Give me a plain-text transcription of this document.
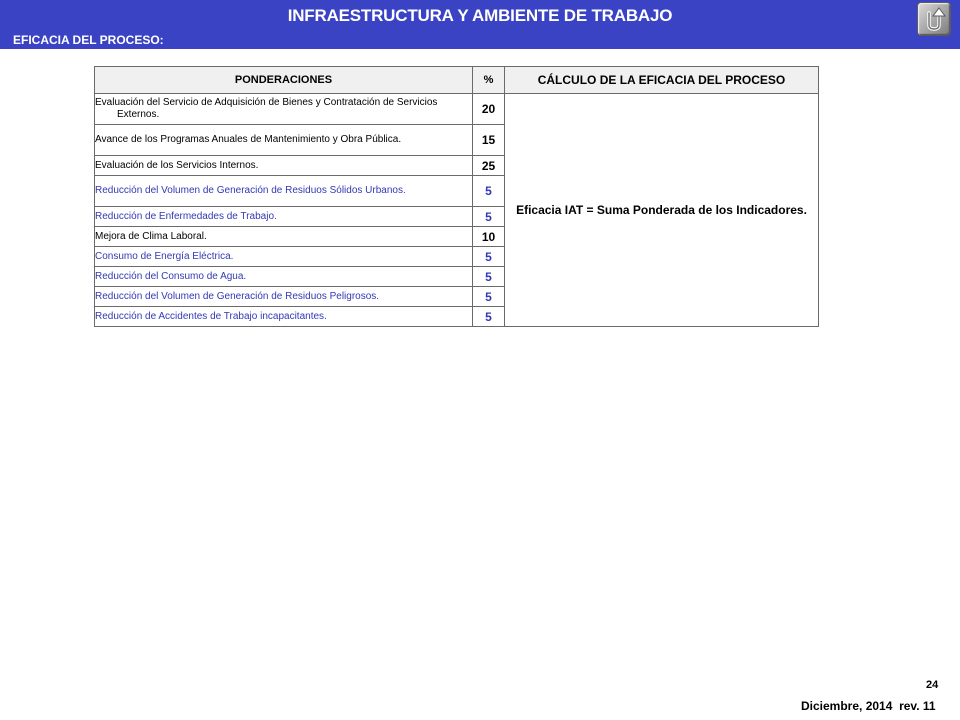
INFRAESTRUCTURA Y AMBIENTE DE TRABAJO
EFICACIA DEL PROCESO:
PONDERACIONES	%	CÁLCULO DE LA EFICACIA DEL PROCESO

Evaluación del Servicio de Adquisición de Bienes y Contratación de Servicios Externos.	20	Eficacia IAT = Suma Ponderada de los Indicadores.

Avance de los Programas Anuales de Mantenimiento y Obra Pública.	15	

Evaluación de los Servicios Internos.	25	

Reducción del Volumen de Generación de Residuos Sólidos Urbanos.	5	

Reducción de Enfermedades de Trabajo.	5	

Mejora de Clima Laboral.	10	

Consumo de Energía Eléctrica.	5	

Reducción del Consumo de Agua.	5	

Reducción del Volumen de Generación de Residuos Peligrosos.	5	

Reducción de Accidentes de Trabajo incapacitantes.	5	
24
Diciembre, 2014 rev. 11
